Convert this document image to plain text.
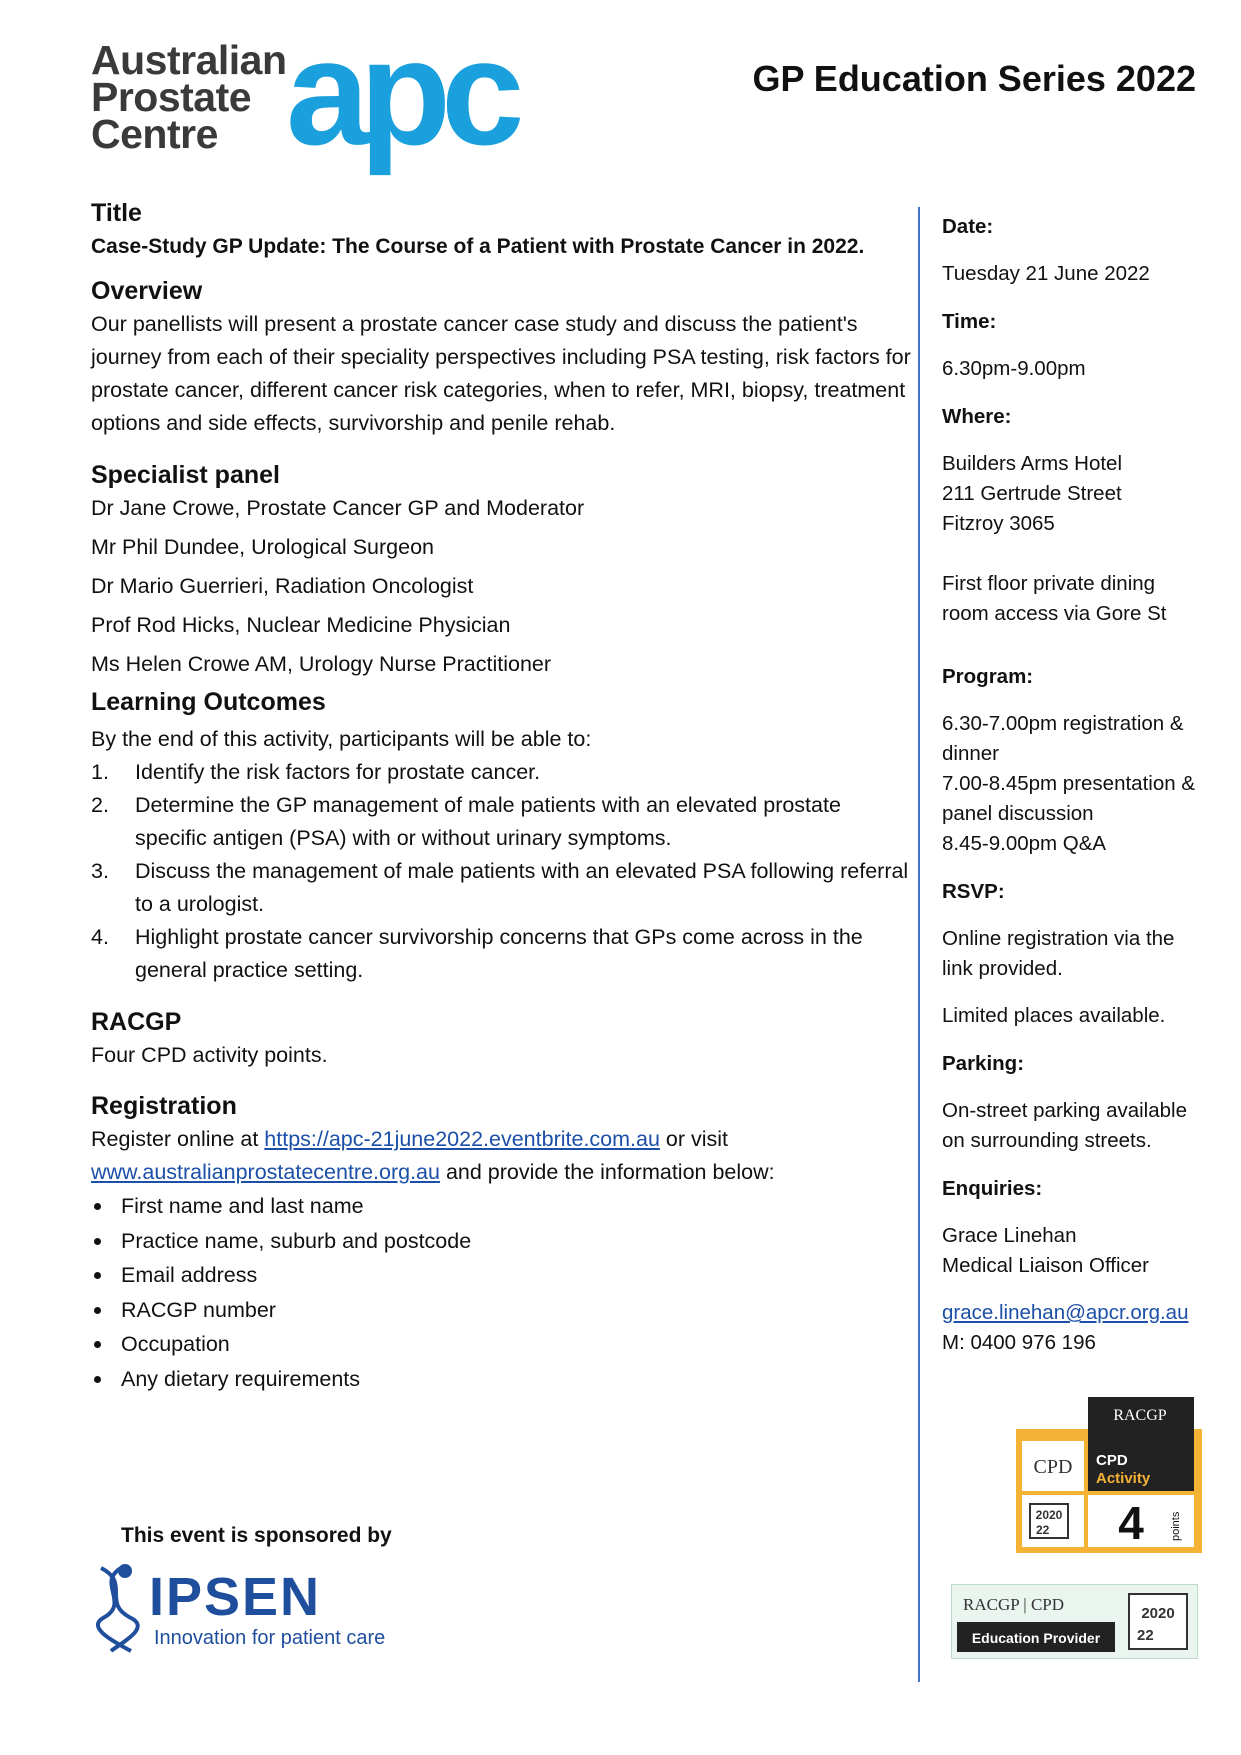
Australian
Prostate
Centre apc	GP Education Series 2022
Title
Case-Study GP Update: The Course of a Patient with Prostate Cancer in 2022.
Overview

Our panellists will present a prostate cancer case study and discuss the patient's journey from each of their speciality perspectives including PSA testing, risk factors for prostate cancer, different cancer risk categories, when to refer, MRI, biopsy, treatment options and side effects, survivorship and penile rehab.

Specialist panel
Dr Jane Crowe, Prostate Cancer GP and Moderator
Mr Phil Dundee, Urological Surgeon
Dr Mario Guerrieri, Radiation Oncologist
Prof Rod Hicks, Nuclear Medicine Physician
Ms Helen Crowe AM, Urology Nurse Practitioner
Learning Outcomes
By the end of this activity, participants will be able to:
1. Identify the risk factors for prostate cancer.
2. Determine the GP management of male patients with an elevated prostate specific antigen (PSA) with or without urinary symptoms.
3. Discuss the management of male patients with an elevated PSA following referral to a urologist.
4. Highlight prostate cancer survivorship concerns that GPs come across in the general practice setting.
RACGP
Four CPD activity points.
Registration

Register online at https://apc-21june2022.eventbrite.com.au or visit
www.australianprostatecentre.org.au and provide the information below:

First name and last name
Practice name, suburb and postcode
Email address
RACGP number
Occupation
Any dietary requirements
This event is sponsored by
IPSEN
Innovation for patient care

Date:

Tuesday 21 June 2022

Time:

6.30pm-9.00pm

Where:

Builders Arms Hotel

211 Gertrude Street

Fitzroy 3065

First floor private dining

room access via Gore St

Program:

6.30-7.00pm registration &

dinner

7.00-8.45pm presentation &

panel discussion

8.45-9.00pm Q&A

RSVP:

Online registration via the

link provided.

Limited places available.

Parking:

On-street parking available

on surrounding streets.

Enquiries:

Grace Linehan

Medical Liaison Officer

grace.linehan@apcr.org.au

M: 0400 976 196

RACGP
CPD CPD
Activity
2020
22 4 points
RACGP | CPD
Education Provider
2020
22
